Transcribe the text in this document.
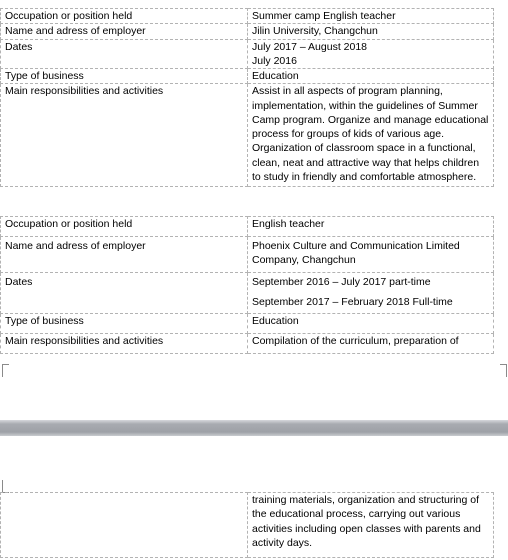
Occupation or position held	Summer camp English teacher
Name and adress of employer	Jilin University, Changchun
Dates	July 2017 – August 2018
July 2016

Type of business	Education
Main responsibilities and activities	Assist in all aspects of program planning, implementation, within the guidelines of Summer Camp program. Organize and manage educational process for groups of kids of various age. Organization of classroom space in a functional, clean, neat and attractive way that helps children to study in friendly and comfortable atmosphere.
Occupation or position held	English teacher
Name and adress of employer	Phoenix Culture and Communication Limited Company, Changchun
Dates	September 2016 – July 2017 part-time
September 2017 – February 2018 Full-time

Type of business	Education
Main responsibilities and activities	Compilation of the curriculum, preparation of
	training materials, organization and structuring of the educational process, carrying out various activities including open classes with parents and activity days.
